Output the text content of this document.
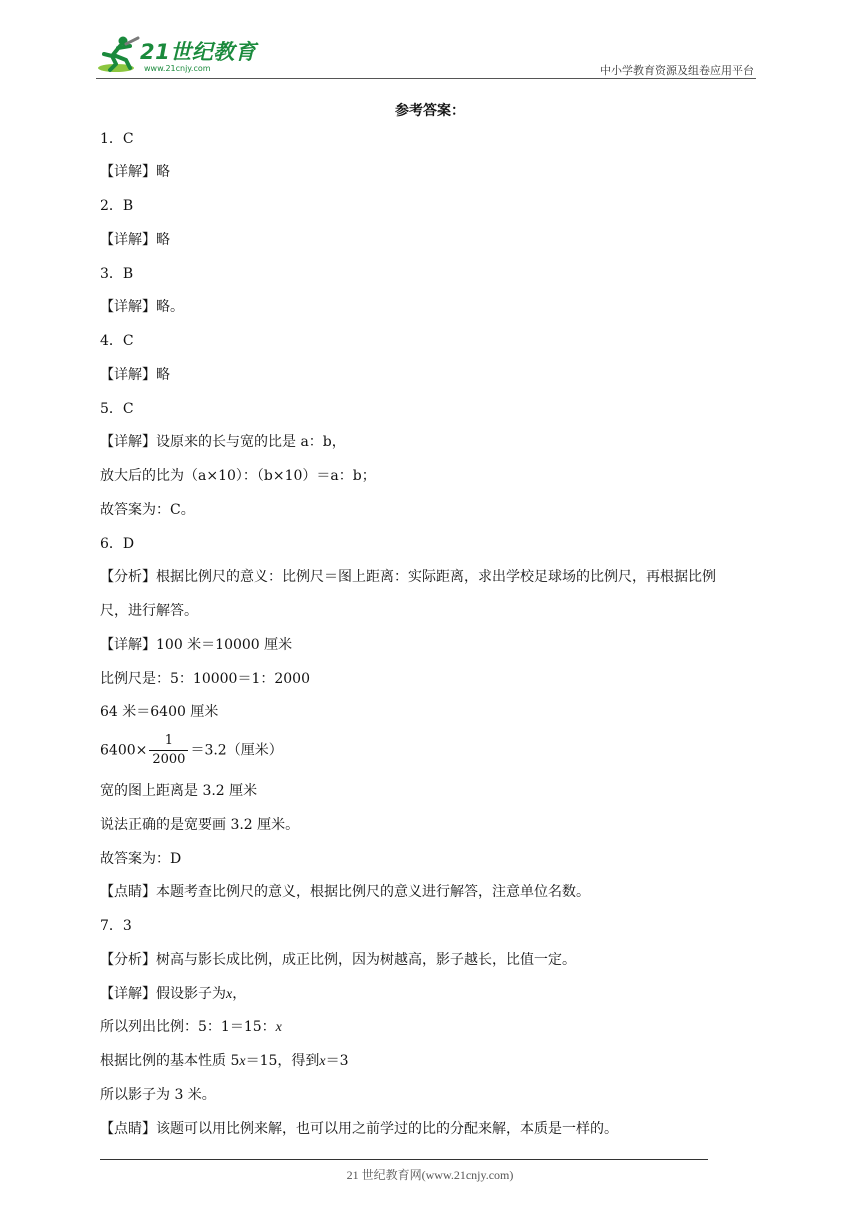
21世纪教育
www.21cnjy.com	中小学教育资源及组卷应用平台
参考答案：
1．C
【详解】略
2．B
【详解】略
3．B
【详解】略。
4．C
【详解】略
5．C
【详解】设原来的长与宽的比是 a：b，
放大后的比为（a×10）：（b×10）＝a：b；
故答案为：C。
6．D
【分析】根据比例尺的意义：比例尺＝图上距离：实际距离，求出学校足球场的比例尺，再根据比例
尺，进行解答。
【详解】100 米＝10000 厘米
比例尺是：5：10000＝1：2000
64 米＝6400 厘米
$6400\times \frac{1}{2000} =3.2$（厘米）
宽的图上距离是 3.2 厘米
说法正确的是宽要画 3.2 厘米。
故答案为：D
【点睛】本题考查比例尺的意义，根据比例尺的意义进行解答，注意单位名数。
7．3
【分析】树高与影长成比例，成正比例，因为树越高，影子越长，比值一定。
【详解】假设影子为x，
所以列出比例：5：1＝15：x
根据比例的基本性质 5x＝15，得到x＝3
所以影子为 3 米。
【点睛】该题可以用比例来解，也可以用之前学过的比的分配来解，本质是一样的。
21 世纪教育网(www.21cnjy.com)
